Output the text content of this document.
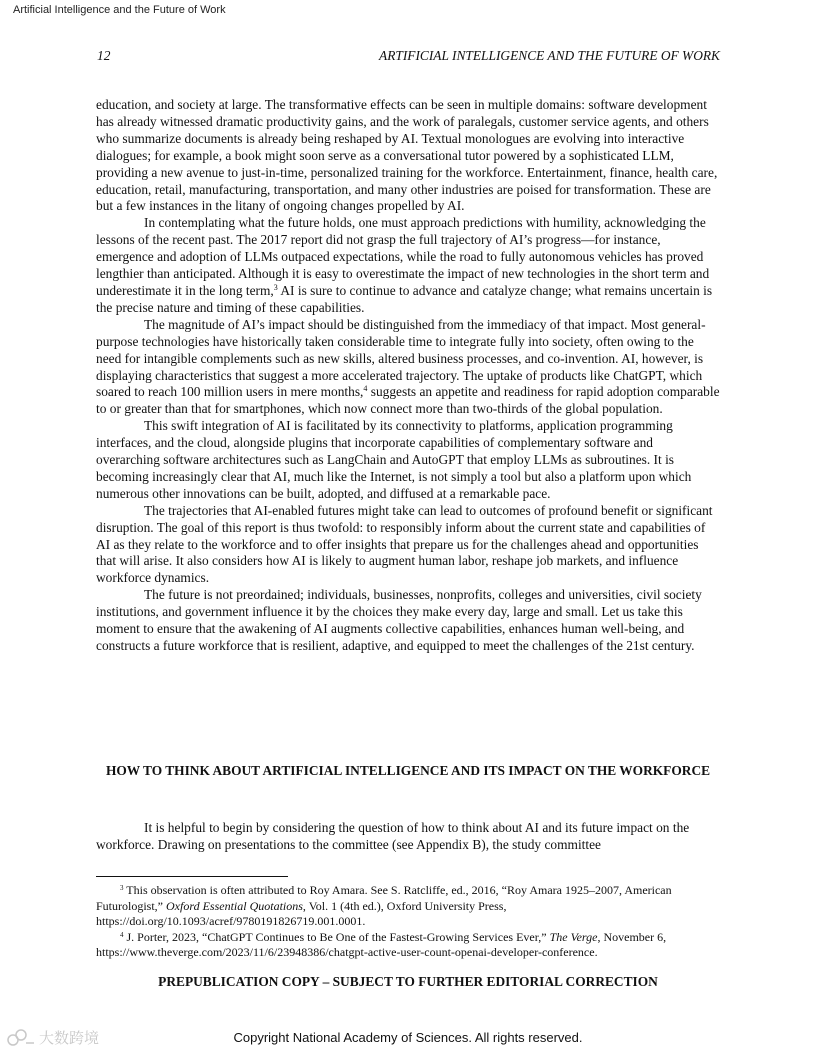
Artificial Intelligence and the Future of Work
12	ARTIFICIAL INTELLIGENCE AND THE FUTURE OF WORK

education, and society at large. The transformative effects can be seen in multiple domains: software development has already witnessed dramatic productivity gains, and the work of paralegals, customer service agents, and others who summarize documents is already being reshaped by AI. Textual monologues are evolving into interactive dialogues; for example, a book might soon serve as a conversational tutor powered by a sophisticated LLM, providing a new avenue to just-in-time, personalized training for the workforce. Entertainment, finance, health care, education, retail, manufacturing, transportation, and many other industries are poised for transformation. These are but a few instances in the litany of ongoing changes propelled by AI.

In contemplating what the future holds, one must approach predictions with humility, acknowledging the lessons of the recent past. The 2017 report did not grasp the full trajectory of AI’s progress—for instance, emergence and adoption of LLMs outpaced expectations, while the road to fully autonomous vehicles has proved lengthier than anticipated. Although it is easy to overestimate the impact of new technologies in the short term and underestimate it in the long term,$^3$ AI is sure to continue to advance and catalyze change; what remains uncertain is the precise nature and timing of these capabilities.

The magnitude of AI’s impact should be distinguished from the immediacy of that impact. Most general-purpose technologies have historically taken considerable time to integrate fully into society, often owing to the need for intangible complements such as new skills, altered business processes, and co-invention. AI, however, is displaying characteristics that suggest a more accelerated trajectory. The uptake of products like ChatGPT, which soared to reach 100 million users in mere months,$^4$ suggests an appetite and readiness for rapid adoption comparable to or greater than that for smartphones, which now connect more than two-thirds of the global population.

This swift integration of AI is facilitated by its connectivity to platforms, application programming interfaces, and the cloud, alongside plugins that incorporate capabilities of complementary software and overarching software architectures such as LangChain and AutoGPT that employ LLMs as subroutines. It is becoming increasingly clear that AI, much like the Internet, is not simply a tool but also a platform upon which numerous other innovations can be built, adopted, and diffused at a remarkable pace.

The trajectories that AI-enabled futures might take can lead to outcomes of profound benefit or significant disruption. The goal of this report is thus twofold: to responsibly inform about the current state and capabilities of AI as they relate to the workforce and to offer insights that prepare us for the challenges ahead and opportunities that will arise. It also considers how AI is likely to augment human labor, reshape job markets, and influence workforce dynamics.

The future is not preordained; individuals, businesses, nonprofits, colleges and universities, civil society institutions, and government influence it by the choices they make every day, large and small. Let us take this moment to ensure that the awakening of AI augments collective capabilities, enhances human well-being, and constructs a future workforce that is resilient, adaptive, and equipped to meet the challenges of the 21st century.

HOW TO THINK ABOUT ARTIFICIAL INTELLIGENCE AND ITS IMPACT ON THE WORKFORCE

It is helpful to begin by considering the question of how to think about AI and its future impact on the workforce. Drawing on presentations to the committee (see Appendix B), the study committee

$^3$ This observation is often attributed to Roy Amara. See S. Ratcliffe, ed., 2016, “Roy Amara 1925–2007, American Futurologist,” Oxford Essential Quotations, Vol. 1 (4th ed.), Oxford University Press, https://doi.org/10.1093/acref/9780191826719.001.0001.

$^4$ J. Porter, 2023, “ChatGPT Continues to Be One of the Fastest-Growing Services Ever,” The Verge, November 6, https://www.theverge.com/2023/11/6/23948386/chatgpt-active-user-count-openai-developer-conference.

PREPUBLICATION COPY – SUBJECT TO FURTHER EDITORIAL CORRECTION
大数跨境	Copyright National Academy of Sciences. All rights reserved.
